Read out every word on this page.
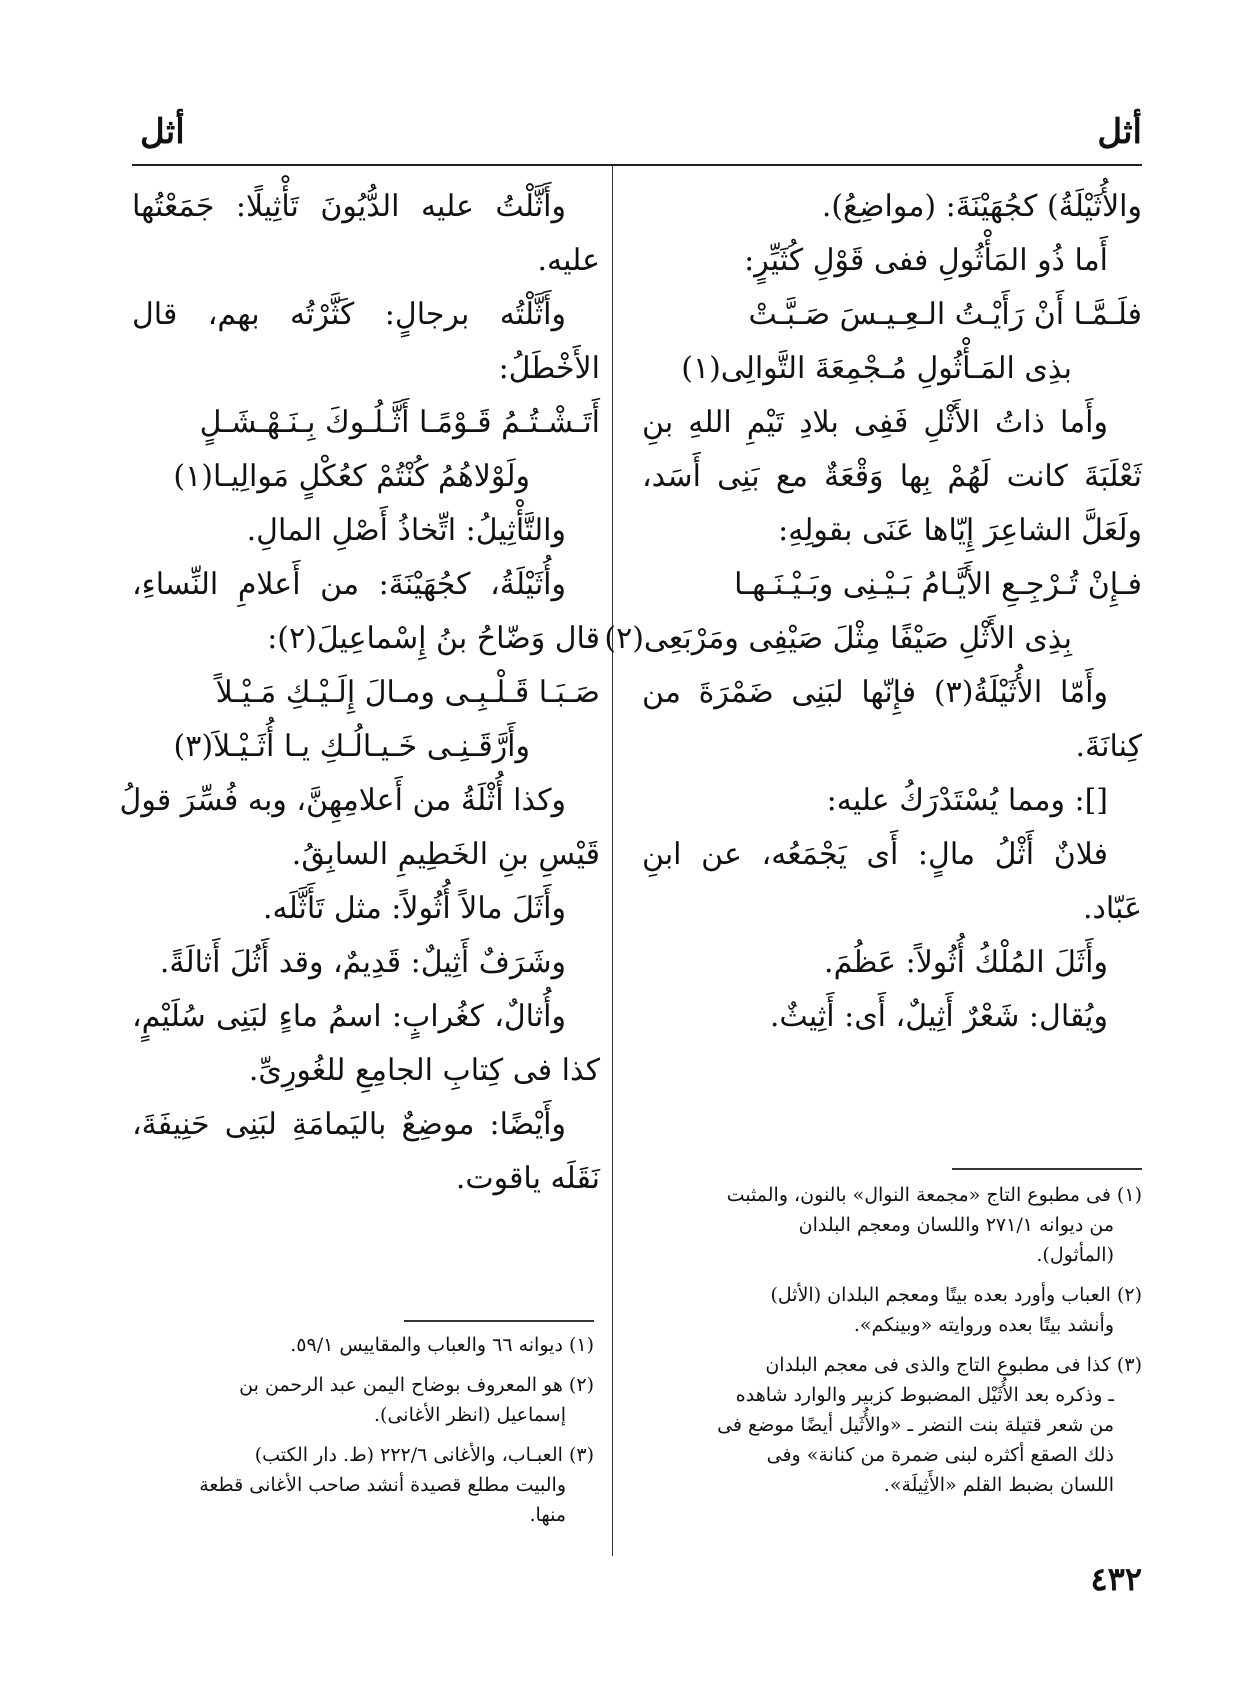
أثل
أثل
والأُثَيْلَةُ) كجُهَيْنَةَ: (مواضِعُ).
أَما ذُو المَأْثُولِ ففى قَوْلِ كُثَيِّرٍ:
فلَـمَّـا أَنْ رَأَيْـتُ الـعِـيـسَ صَـبَّـتْ
بذِى المَـأْثُولِ مُـجْمِعَةَ التَّوالِى(١)
وأَما ذاتُ الأَثْلِ فَفِى بلادِ تَيْمِ اللهِ بنِ
ثَعْلَبَةَ كانت لَهُمْ بِها وَقْعَةٌ مع بَنِى أَسَد،
ولَعَلَّ الشاعِرَ إِيّاها عَنَى بقولِهِ:
فـإِنْ تُـرْجِـعِ الأَيَّـامُ بَـيْـنِى وبَـيْـنَـهـا
بِذِى الأَثْلِ صَيْفًا مِثْلَ صَيْفِى ومَرْبَعِى(٢)
وأَمّا الأُثَيْلَةُ(٣) فإِنّها لبَنِى ضَمْرَةَ من
كِنانَةَ.
[]: ومما يُسْتَدْرَكُ عليه:
فلانٌ أَثْلُ مالٍ: أَى يَجْمَعُه، عن ابنِ
عَبّاد.
وأَثَلَ المُلْكُ أُثُولاً: عَظُمَ.
ويُقال: شَعْرٌ أَثِيلٌ، أَى: أَثِيثٌ.
وأَثَّلْتُ عليه الدُّيُونَ تَأْثِيلًا: جَمَعْتُها
عليه.
وأَثَّلْتُه برجالٍ: كَثَّرْتُه بهم، قال
الأَخْطَلُ:
أَتَـشْـتُـمُ قَـوْمًـا أَثَّـلُـوكَ بِـنَـهْـشَـلٍ
ولَوْلاهُمُ كُنْتُمْ كعُكْلٍ مَوالِيـا(١)
والتَّأْثِيلُ: اتِّخاذُ أَصْلِ المالِ.
وأُثَيْلَةُ، كجُهَيْنَةَ: من أَعلامِ النِّساءِ،
قال وَضّاحُ بنُ إِسْماعِيلَ(٢):
صَـبَـا قَـلْـبِـى ومـالَ إِلَـيْـكِ مَـيْـلاً
وأَرَّقَـنِـى خَـيـالُـكِ يـا أُثَـيْـلاَ(٣)
وكذا أُثْلَةُ من أَعلامِهِنَّ، وبه فُسِّرَ قولُ
قَيْسِ بنِ الخَطِيمِ السابِقُ.
وأَثَلَ مالاً أُثُولاً: مثل تَأَثَّلَه.
وشَرَفٌ أَثِيلٌ: قَدِيمٌ، وقد أَثُلَ أَثالَةً.
وأُثالٌ، كغُرابٍ: اسمُ ماءٍ لبَنِى سُلَيْمٍ،
كذا فى كِتابِ الجامِعِ للغُورِىِّ.
وأَيْضًا: موضِعٌ باليَمامَةِ لبَنِى حَنِيفَةَ،
نَقَلَه ياقوت.	(١) فى مطبوع التاج «مجمعة النوال» بالنون، والمثبت
من ديوانه ٢٧١/١ واللسان ومعجم البلدان
(المأثول).
(٢) العباب وأورد بعده بيتًا ومعجم البلدان (الأثل)
وأنشد بيتًا بعده وروايته «وبينكم».
(٣) كذا فى مطبوع التاج والذى فى معجم البلدان
ـ وذكره بعد الأُثَيْل المضبوط كزبير والوارد شاهده
من شعر قتيلة بنت النضر ـ «والأُثَيل أيضًا موضع فى
ذلك الصقع أكثره لبنى ضمرة من كنانة» وفى
اللسان بضبط القلم «الأَثِيلَة».
(١) ديوانه ٦٦ والعباب والمقاييس ٥٩/١.
(٢) هو المعروف بوضاح اليمن عبد الرحمن بن
إسماعيل (انظر الأغانى).
(٣) العبـاب، والأغانى ٢٢٢/٦ (ط. دار الكتب)
والبيت مطلع قصيدة أنشد صاحب الأغانى قطعة
منها.
٤٣٢
